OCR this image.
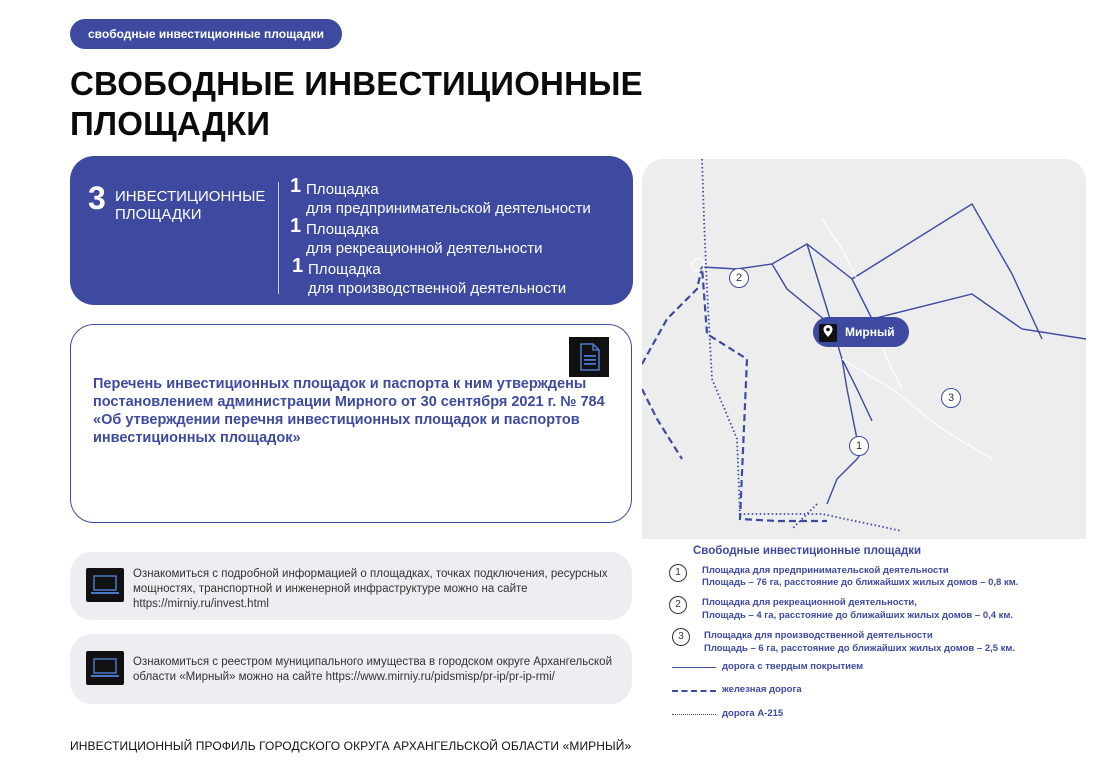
свободные инвестиционные площадки
СВОБОДНЫЕ ИНВЕСТИЦИОННЫЕ ПЛОЩАДКИ
3 ИНВЕСТИЦИОННЫЕ ПЛОЩАДКИ
1 Площадка
для предпринимательской деятельности
1 Площадка
для рекреационной деятельности
1 Площадка
для производственной деятельности
Перечень инвестиционных площадок и паспорта к ним утверждены постановлением администрации Мирного от 30 сентября 2021 г. № 784 «Об утверждении перечня инвестиционных площадок и паспортов инвестиционных площадок»
Ознакомиться с подробной информацией о площадках, точках подключения, ресурсных мощностях, транспортной и инженерной инфраструктуре можно на сайте https://mirniy.ru/invest.html
Ознакомиться с реестром муниципального имущества в городском округе Архангельской области «Мирный» можно на сайте https://www.mirniy.ru/pidsmisp/pr-ip/pr-ip-rmi/
Мирный
2
1
3
Свободные инвестиционные площадки
1	Площадка для предпринимательской деятельности
Площадь – 76 га, расстояние до ближайших жилых домов – 0,8 км.
2	Площадка для рекреационной деятельности,
Площадь – 4 га, расстояние до ближайших жилых домов – 0,4 км.
3	Площадка для производственной деятельности
Площадь – 6 га, расстояние до ближайших жилых домов – 2,5 км.
дорога с твердым покрытием
железная дорога
дорога А-215
ИНВЕСТИЦИОННЫЙ ПРОФИЛЬ ГОРОДСКОГО ОКРУГА АРХАНГЕЛЬСКОЙ ОБЛАСТИ «МИРНЫЙ»
